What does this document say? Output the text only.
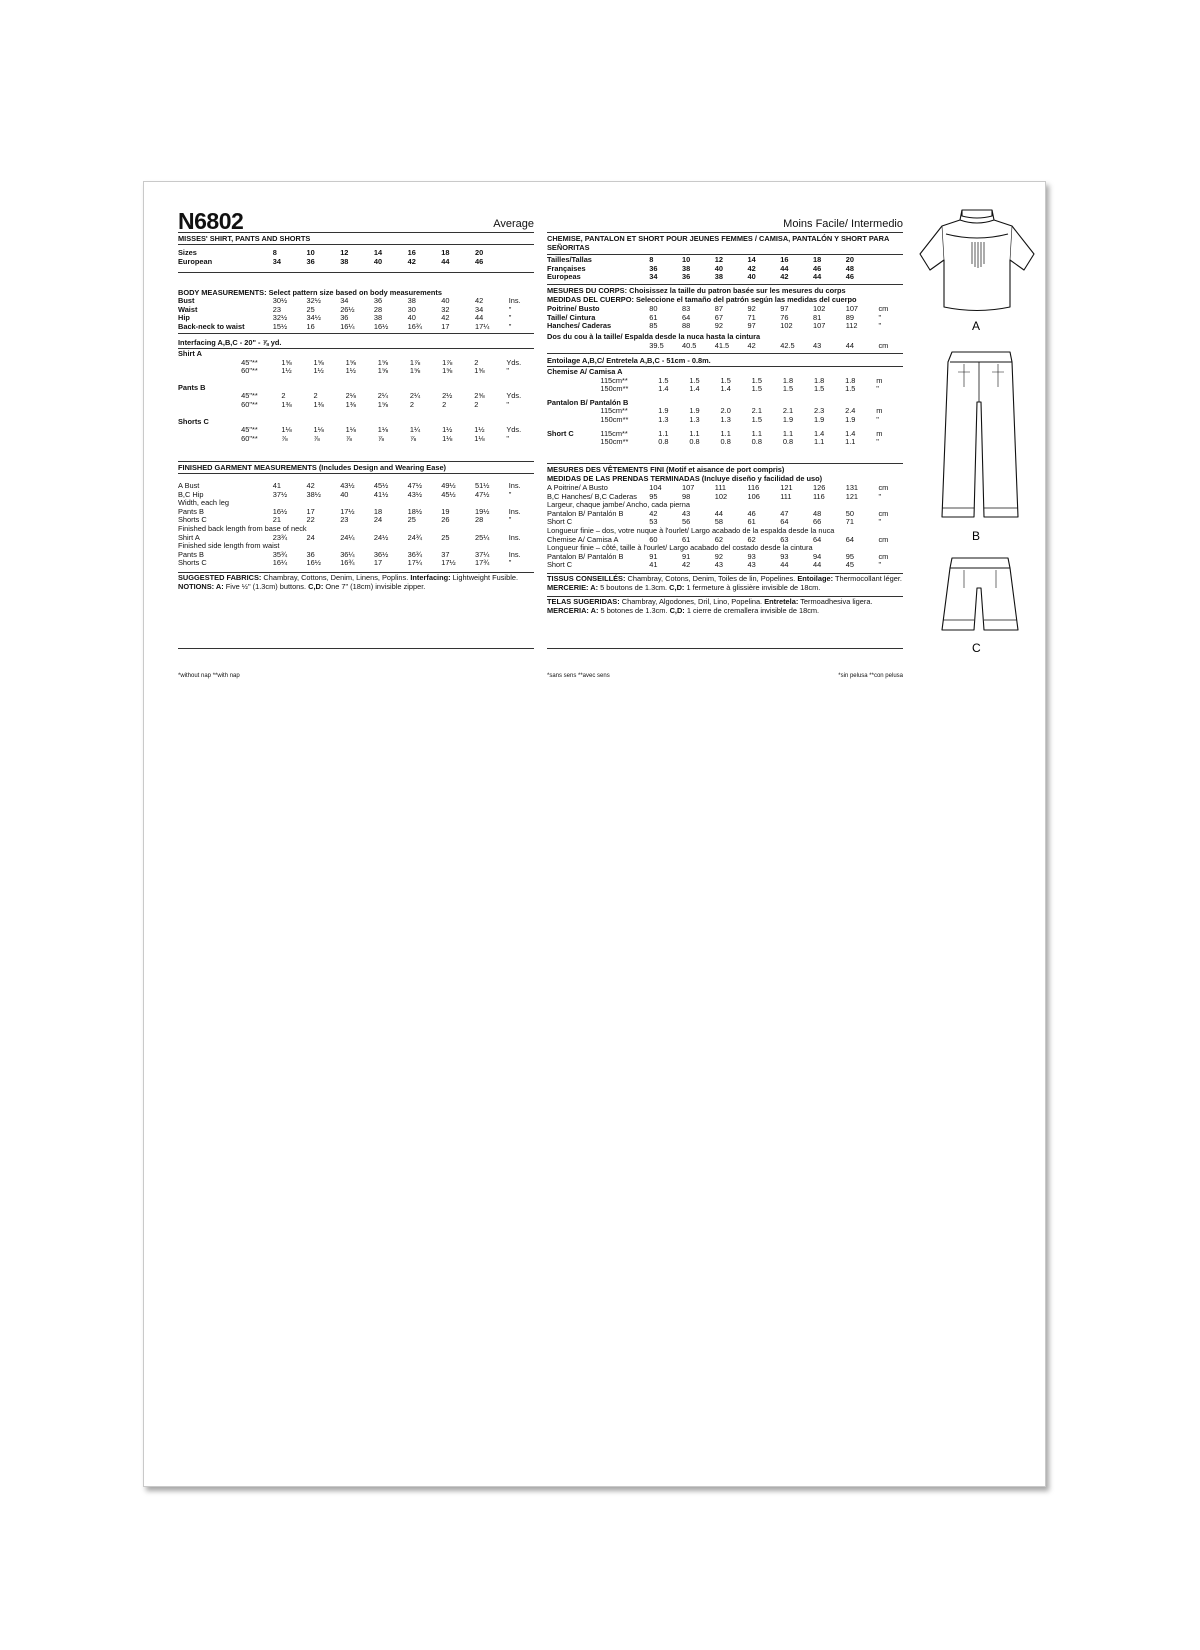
N6802	Average	Moins Facile/ Intermedio
MISSES' SHIRT, PANTS AND SHORTS
Sizes	8	10	12	14	16	18	20	
European	34	36	38	40	42	44	46	
BODY MEASUREMENTS: Select pattern size based on body measurements
Bust	30½	32½	34	36	38	40	42	Ins.
Waist	23	25	26½	28	30	32	34	"
Hip	32½	34½	36	38	40	42	44	"
Back-neck to waist	15½	16	16¼	16½	16¾	17	17¼	"
Interfacing A,B,C - 20" - ⅞ yd.
Shirt A									
	45"**	1⅝	1⅝	1⅝	1⅝	1⅞	1⅞	2	Yds.
	60"**	1½	1½	1½	1⅝	1⅝	1⅝	1⅝	"

Pants B									
	45"**	2	2	2⅛	2¼	2¼	2½	2⅝	Yds.
	60"**	1⅜	1⅜	1⅜	1⅝	2	2	2	"

Shorts C									
	45"**	1⅛	1⅛	1⅛	1⅛	1¼	1½	1½	Yds.
	60"**	⅞	⅞	⅞	⅞	⅞	1⅛	1⅛	"

FINISHED GARMENT MEASUREMENTS (Includes Design and Wearing Ease)
A Bust	41	42	43½	45½	47½	49½	51½	Ins.
B,C Hip	37½	38½	40	41½	43½	45½	47½	"
Width, each leg								
Pants B	16½	17	17½	18	18½	19	19½	Ins.
Shorts C	21	22	23	24	25	26	28	"
Finished back length from base of neck								
Shirt A	23¾	24	24¼	24½	24¾	25	25¼	Ins.
Finished side length from waist								
Pants B	35¾	36	36¼	36½	36¾	37	37¼	Ins.
Shorts C	16¼	16½	16¾	17	17¼	17½	17¾	"
SUGGESTED FABRICS: Chambray, Cottons, Denim, Linens, Poplins. Interfacing: Lightweight Fusible. NOTIONS: A: Five ½" (1.3cm) buttons. C,D: One 7" (18cm) invisible zipper.
*without nap **with nap
CHEMISE, PANTALON ET SHORT POUR JEUNES FEMMES / CAMISA, PANTALÓN Y SHORT PARA SEÑORITAS
Tailles/Tallas	8	10	12	14	16	18	20	
Françaises	36	38	40	42	44	46	48	
Europeas	34	36	38	40	42	44	46	
MESURES DU CORPS: Choisissez la taille du patron basée sur les mesures du corps
MEDIDAS DEL CUERPO: Seleccione el tamaño del patrón según las medidas del cuerpo
Poitrine/ Busto	80	83	87	92	97	102	107	cm
Taille/ Cintura	61	64	67	71	76	81	89	"
Hanches/ Caderas	85	88	92	97	102	107	112	"
Dos du cou à la taille/ Espalda desde la nuca hasta la cintura
	39.5	40.5	41.5	42	42.5	43	44	cm
Entoilage A,B,C/ Entretela A,B,C - 51cm - 0.8m.
Chemise A/ Camisa A									
	115cm**	1.5	1.5	1.5	1.5	1.8	1.8	1.8	m
	150cm**	1.4	1.4	1.4	1.5	1.5	1.5	1.5	"

Pantalon B/ Pantalón B									
	115cm**	1.9	1.9	2.0	2.1	2.1	2.3	2.4	m
	150cm**	1.3	1.3	1.3	1.5	1.9	1.9	1.9	"

Short C	115cm**	1.1	1.1	1.1	1.1	1.1	1.4	1.4	m
	150cm**	0.8	0.8	0.8	0.8	0.8	1.1	1.1	"

MESURES DES VÊTEMENTS FINI (Motif et aisance de port compris)
MEDIDAS DE LAS PRENDAS TERMINADAS (Incluye diseño y facilidad de uso)
A Poitrine/ A Busto	104	107	111	116	121	126	131	cm
B,C Hanches/ B,C Caderas	95	98	102	106	111	116	121	"
Largeur, chaque jambe/ Ancho, cada pierna								
Pantalon B/ Pantalón B	42	43	44	46	47	48	50	cm
Short C	53	56	58	61	64	66	71	"
Longueur finie – dos, votre nuque à l'ourlet/ Largo acabado de la espalda desde la nuca								
Chemise A/ Camisa A	60	61	62	62	63	64	64	cm
Longueur finie – côté, taille à l'ourlet/ Largo acabado del costado desde la cintura								
Pantalon B/ Pantalón B	91	91	92	93	93	94	95	cm
Short C	41	42	43	43	44	44	45	"
TISSUS CONSEILLÉS: Chambray, Cotons, Denim, Toiles de lin, Popelines. Entoilage: Thermocollant léger. MERCERIE: A: 5 boutons de 1.3cm. C,D: 1 fermeture à glissière invisible de 18cm.
TELAS SUGERIDAS: Chambray, Algodones, Dril, Lino, Popelina. Entretela: Termoadhesiva ligera. MERCERIA: A: 5 botones de 1.3cm. C,D: 1 cierre de cremallera invisible de 18cm.
*sans sens **avec sens	*sin pelusa **con pelusa
A
B
C
